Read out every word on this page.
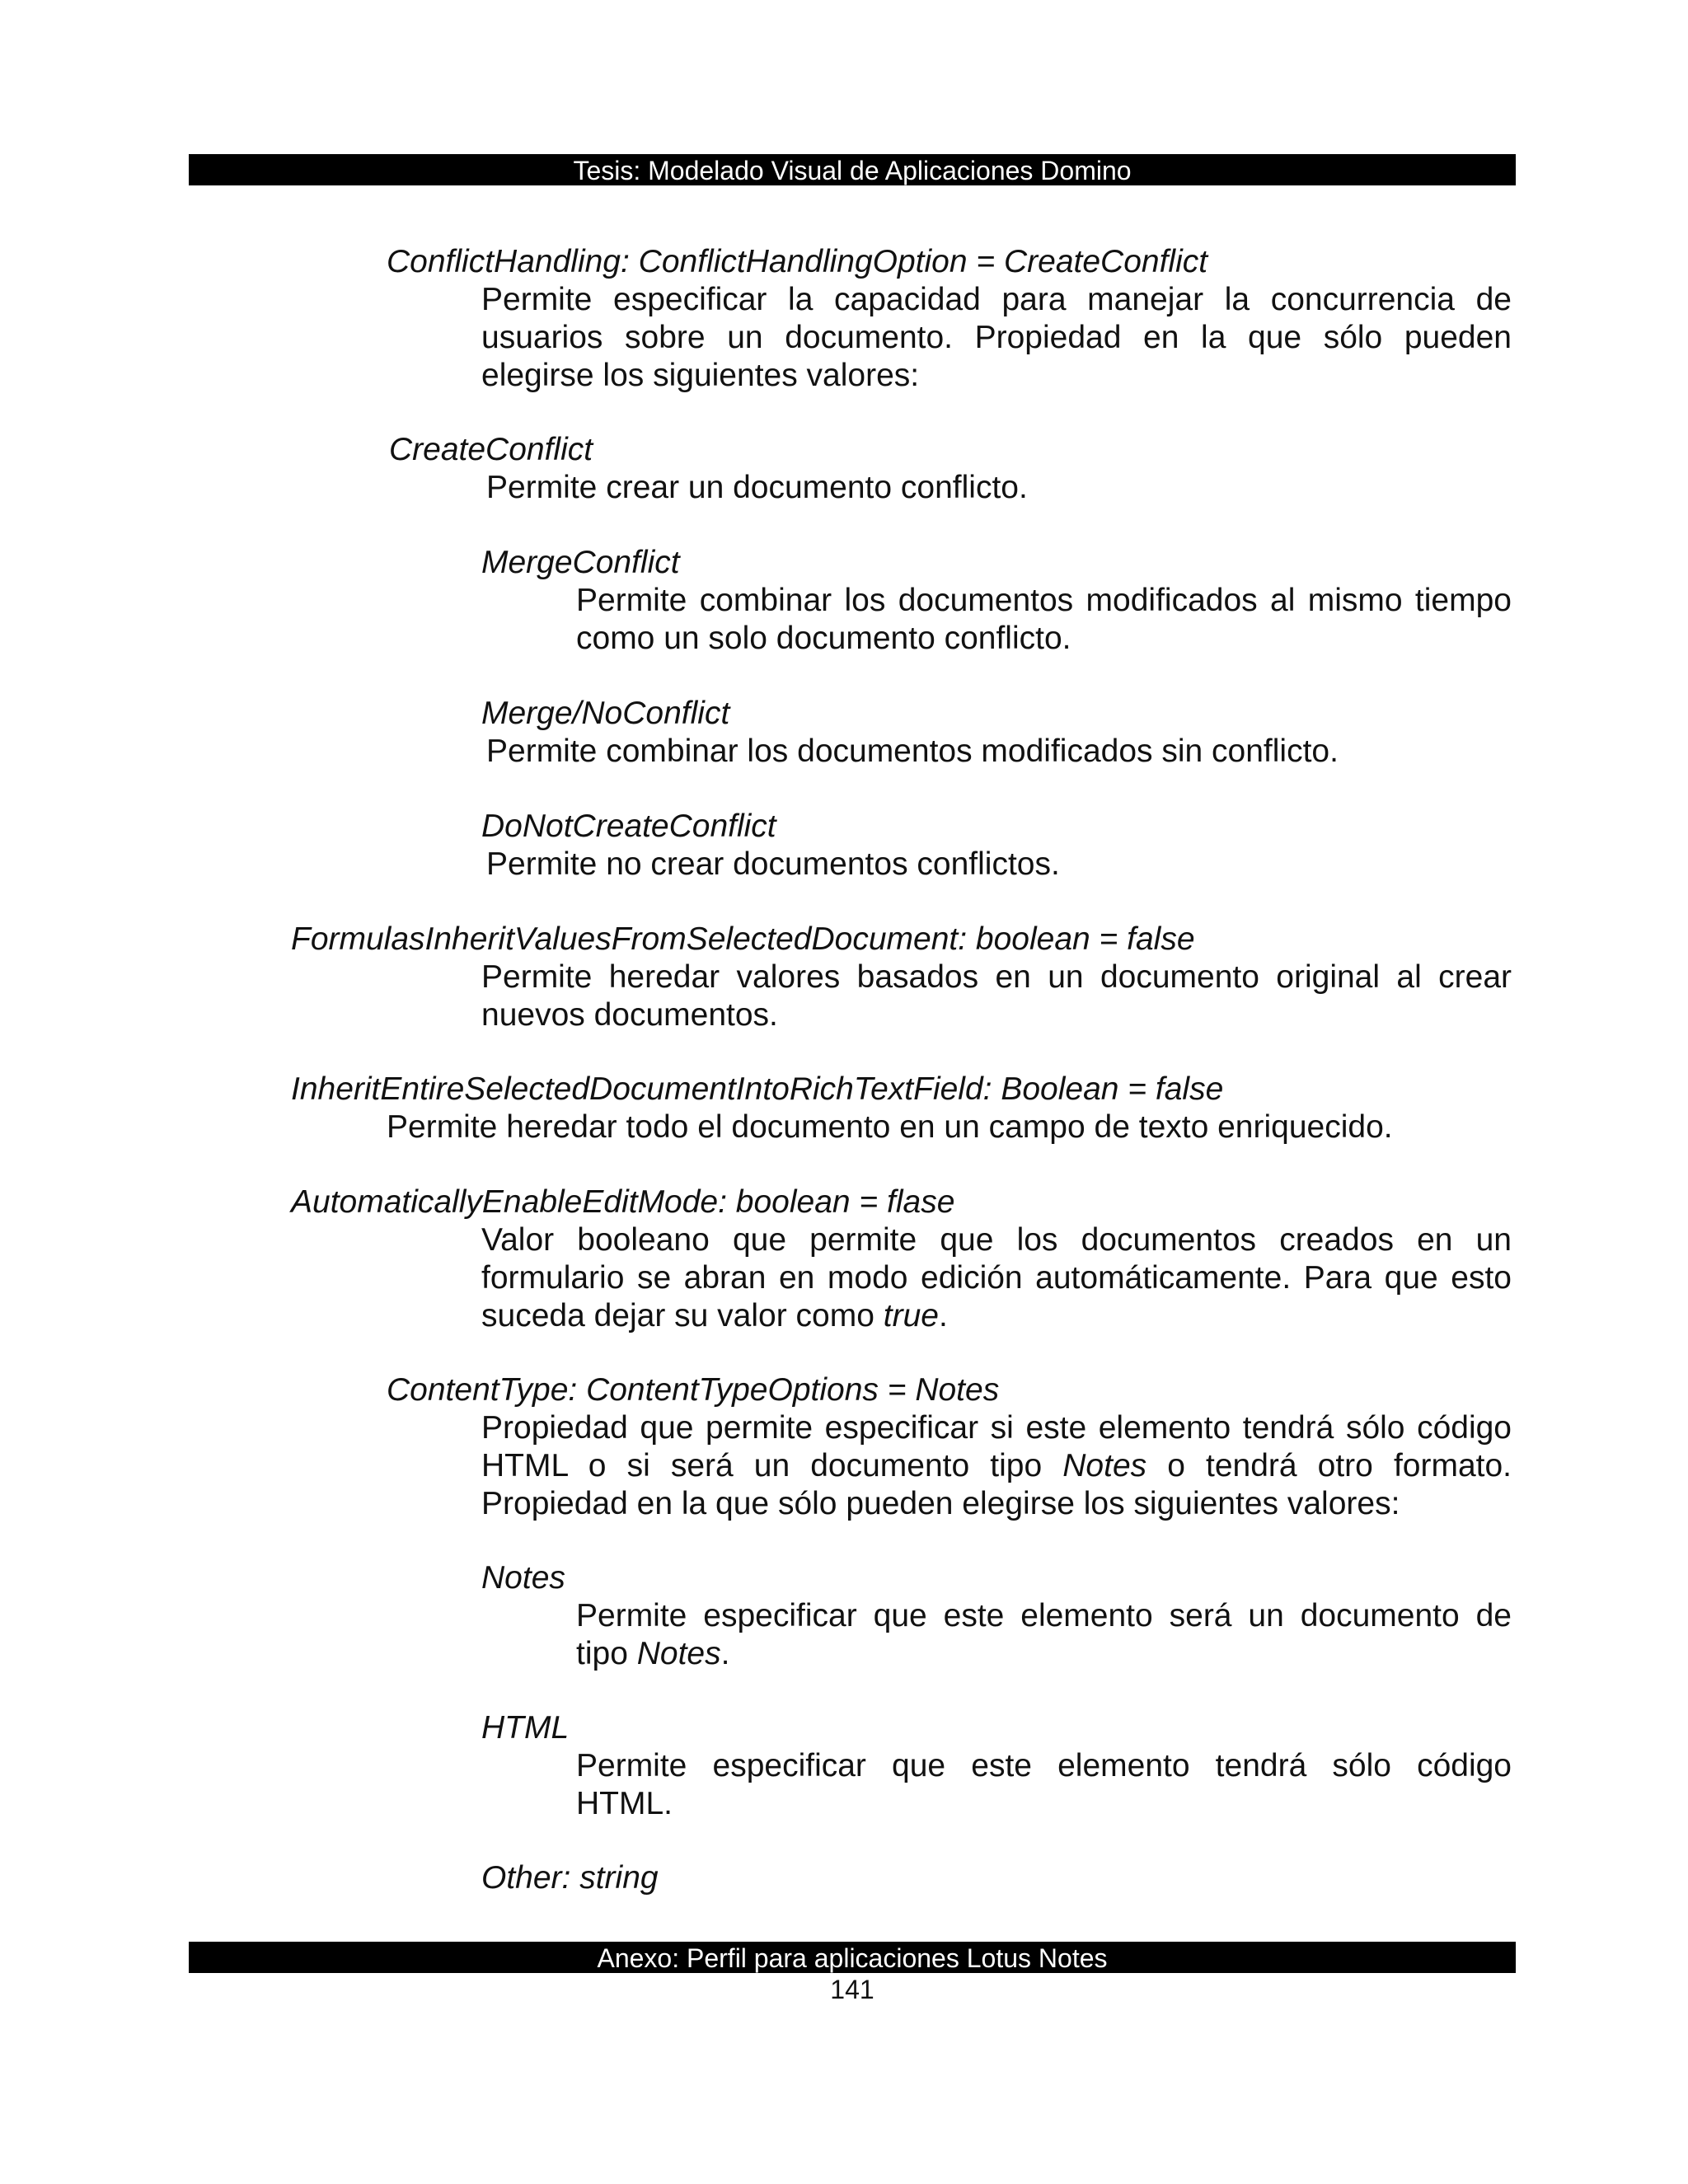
Tesis: Modelado Visual de Aplicaciones Domino
ConflictHandling: ConflictHandlingOption = CreateConflict
Permite especificar la capacidad para manejar la concurrencia de
usuarios sobre un documento. Propiedad en la que sólo pueden
elegirse los siguientes valores:
CreateConflict
Permite crear un documento conflicto.
MergeConflict
Permite combinar los documentos modificados al mismo tiempo
como un solo documento conflicto.
Merge/NoConflict
Permite combinar los documentos modificados sin conflicto.
DoNotCreateConflict
Permite no crear documentos conflictos.
FormulasInheritValuesFromSelectedDocument: boolean = false
Permite heredar valores basados en un documento original al crear
nuevos documentos.
InheritEntireSelectedDocumentIntoRichTextField: Boolean = false
Permite heredar todo el documento en un campo de texto enriquecido.
AutomaticallyEnableEditMode: boolean = flase
Valor booleano que permite que los documentos creados en un
formulario se abran en modo edición automáticamente. Para que esto
suceda dejar su valor como true.
ContentType: ContentTypeOptions = Notes
Propiedad que permite especificar si este elemento tendrá sólo código
HTML o si será un documento tipo Notes o tendrá otro formato.
Propiedad en la que sólo pueden elegirse los siguientes valores:
Notes
Permite especificar que este elemento será un documento de
tipo Notes.
HTML
Permite especificar que este elemento tendrá sólo código
HTML.
Other: string
Anexo: Perfil para aplicaciones Lotus Notes
141
